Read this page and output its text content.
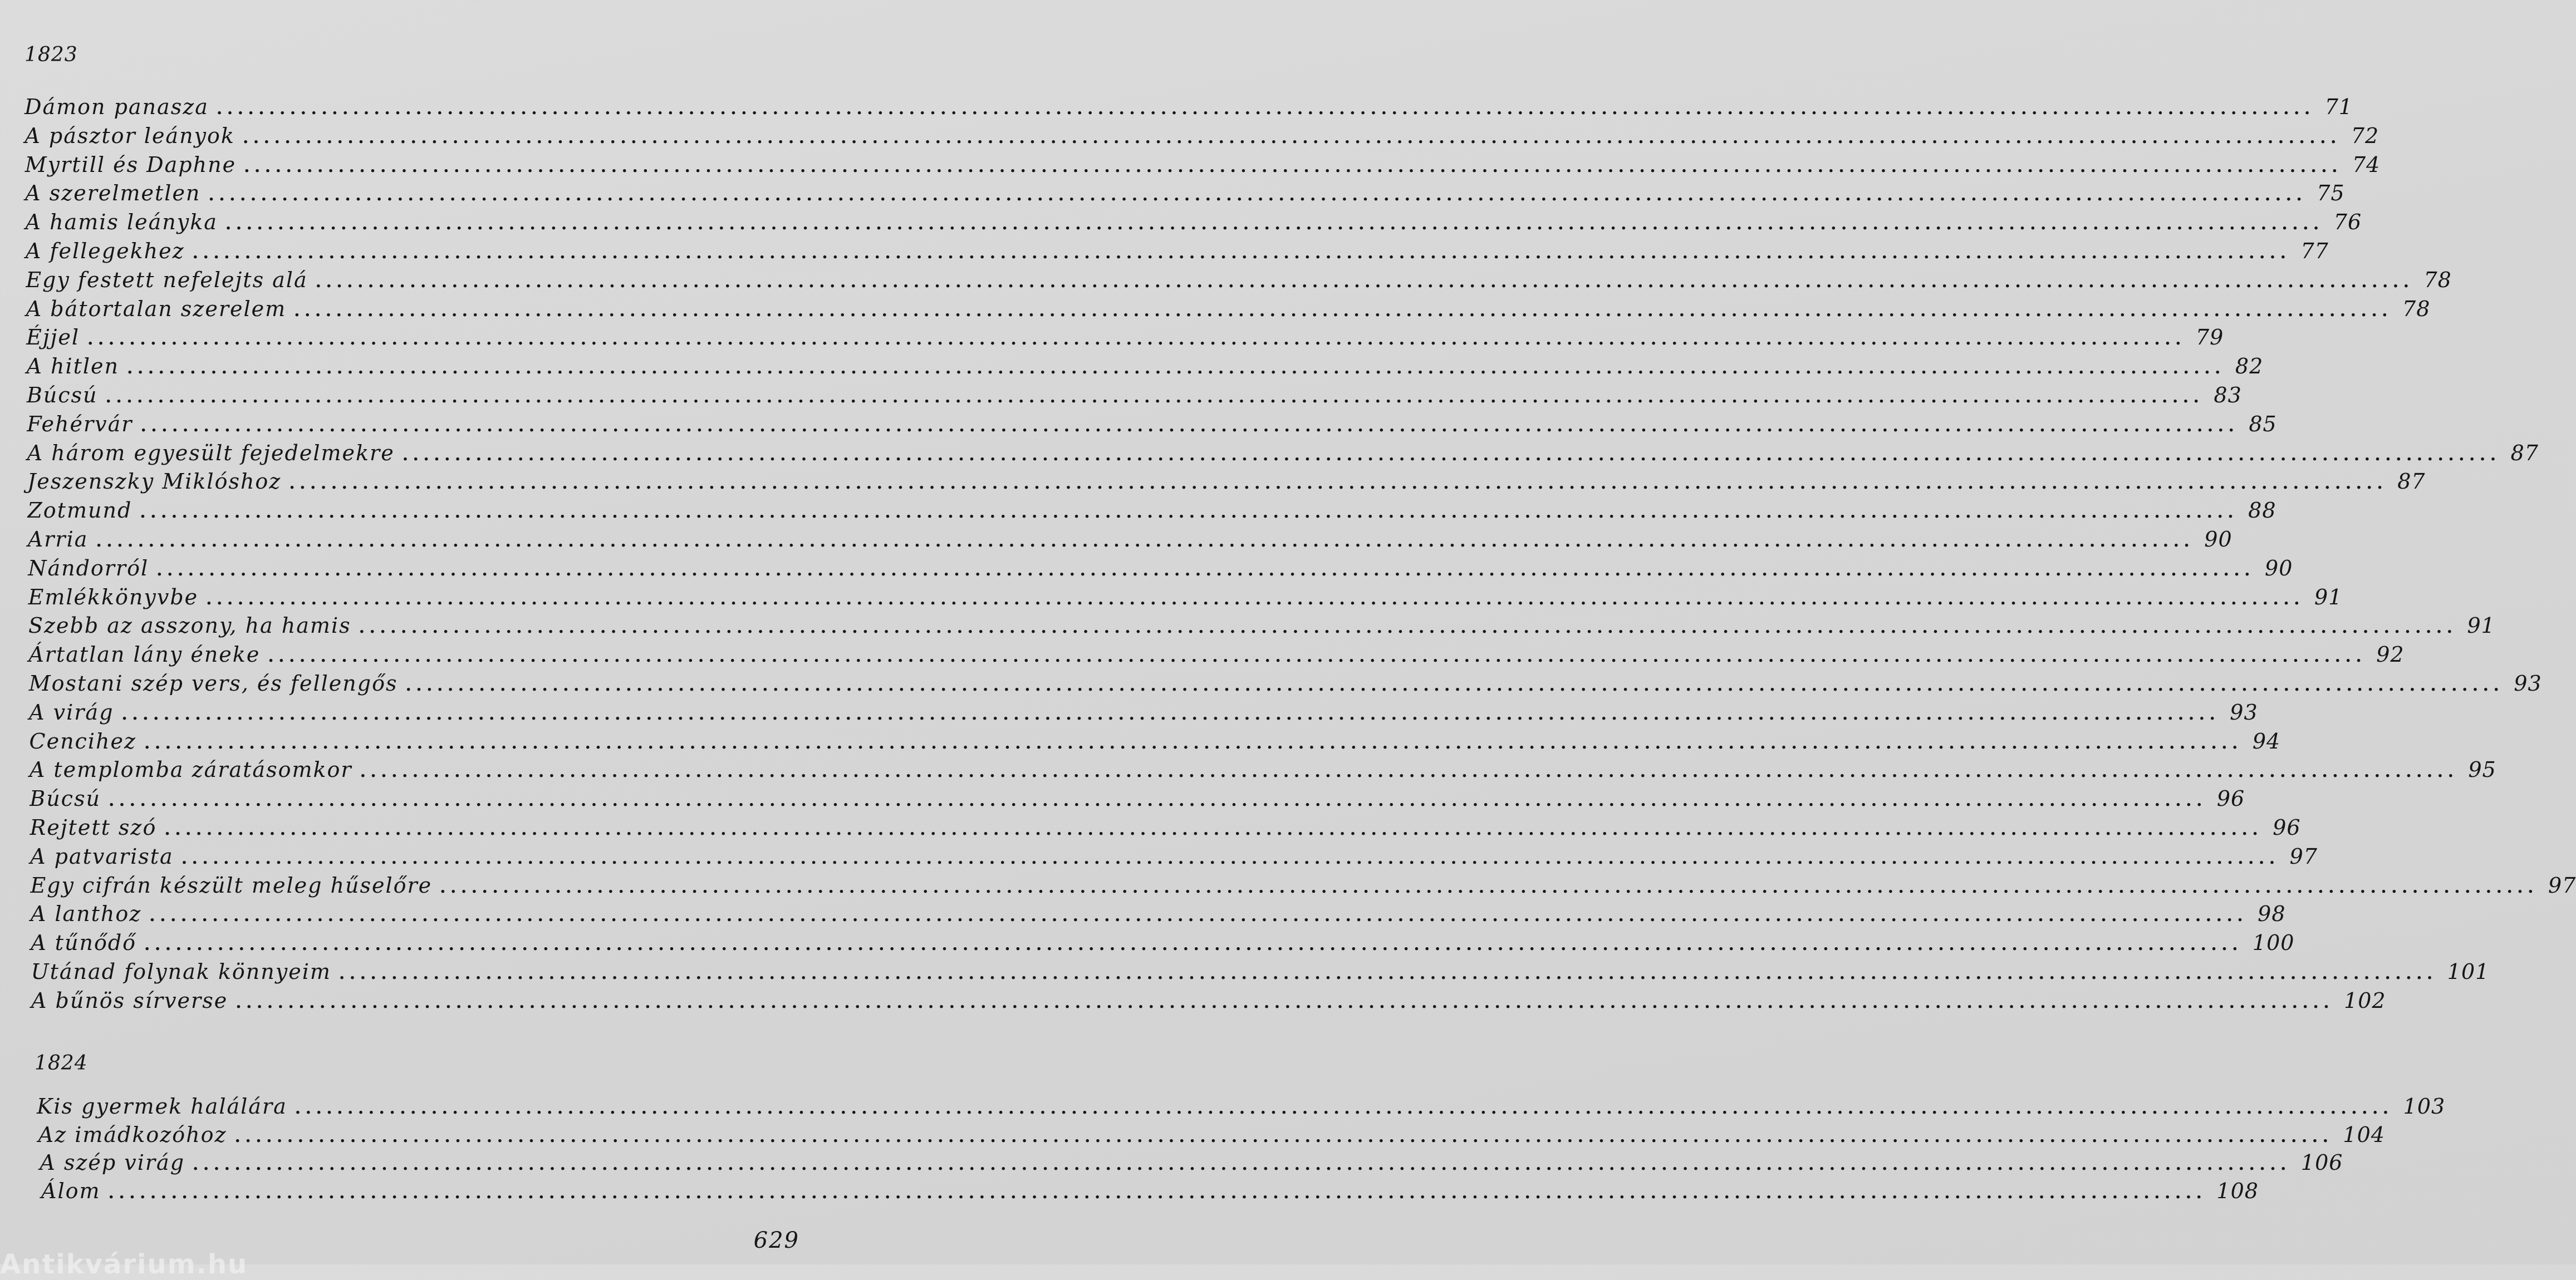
1823
Dámon panasza ........................................................................................................................................................................................................ 71
A pásztor leányok ........................................................................................................................................................................................................ 72
Myrtill és Daphne ........................................................................................................................................................................................................ 74
A szerelmetlen ........................................................................................................................................................................................................ 75
A hamis leányka ........................................................................................................................................................................................................ 76
A fellegekhez ........................................................................................................................................................................................................ 77
Egy festett nefelejts alá ........................................................................................................................................................................................................ 78
A bátortalan szerelem ........................................................................................................................................................................................................ 78
Éjjel ........................................................................................................................................................................................................ 79
A hitlen ........................................................................................................................................................................................................ 82
Búcsú ........................................................................................................................................................................................................ 83
Fehérvár ........................................................................................................................................................................................................ 85
A három egyesült fejedelmekre ........................................................................................................................................................................................................ 87
Jeszenszky Miklóshoz ........................................................................................................................................................................................................ 87
Zotmund ........................................................................................................................................................................................................ 88
Arria ........................................................................................................................................................................................................ 90
Nándorról ........................................................................................................................................................................................................ 90
Emlékkönyvbe ........................................................................................................................................................................................................ 91
Szebb az asszony, ha hamis ........................................................................................................................................................................................................ 91
Ártatlan lány éneke ........................................................................................................................................................................................................ 92
Mostani szép vers, és fellengős ........................................................................................................................................................................................................ 93
A virág ........................................................................................................................................................................................................ 93
Cencihez ........................................................................................................................................................................................................ 94
A templomba záratásomkor ........................................................................................................................................................................................................ 95
Búcsú ........................................................................................................................................................................................................ 96
Rejtett szó ........................................................................................................................................................................................................ 96
A patvarista ........................................................................................................................................................................................................ 97
Egy cifrán készült meleg hűselőre ........................................................................................................................................................................................................ 97
A lanthoz ........................................................................................................................................................................................................ 98
A tűnődő ........................................................................................................................................................................................................ 100
Utánad folynak könnyeim ........................................................................................................................................................................................................ 101
A bűnös sírverse ........................................................................................................................................................................................................ 102
1824
Kis gyermek halálára ........................................................................................................................................................................................................ 103
Az imádkozóhoz ........................................................................................................................................................................................................ 104
A szép virág ........................................................................................................................................................................................................ 106
Álom ........................................................................................................................................................................................................ 108
629
Antikvárium.hu
